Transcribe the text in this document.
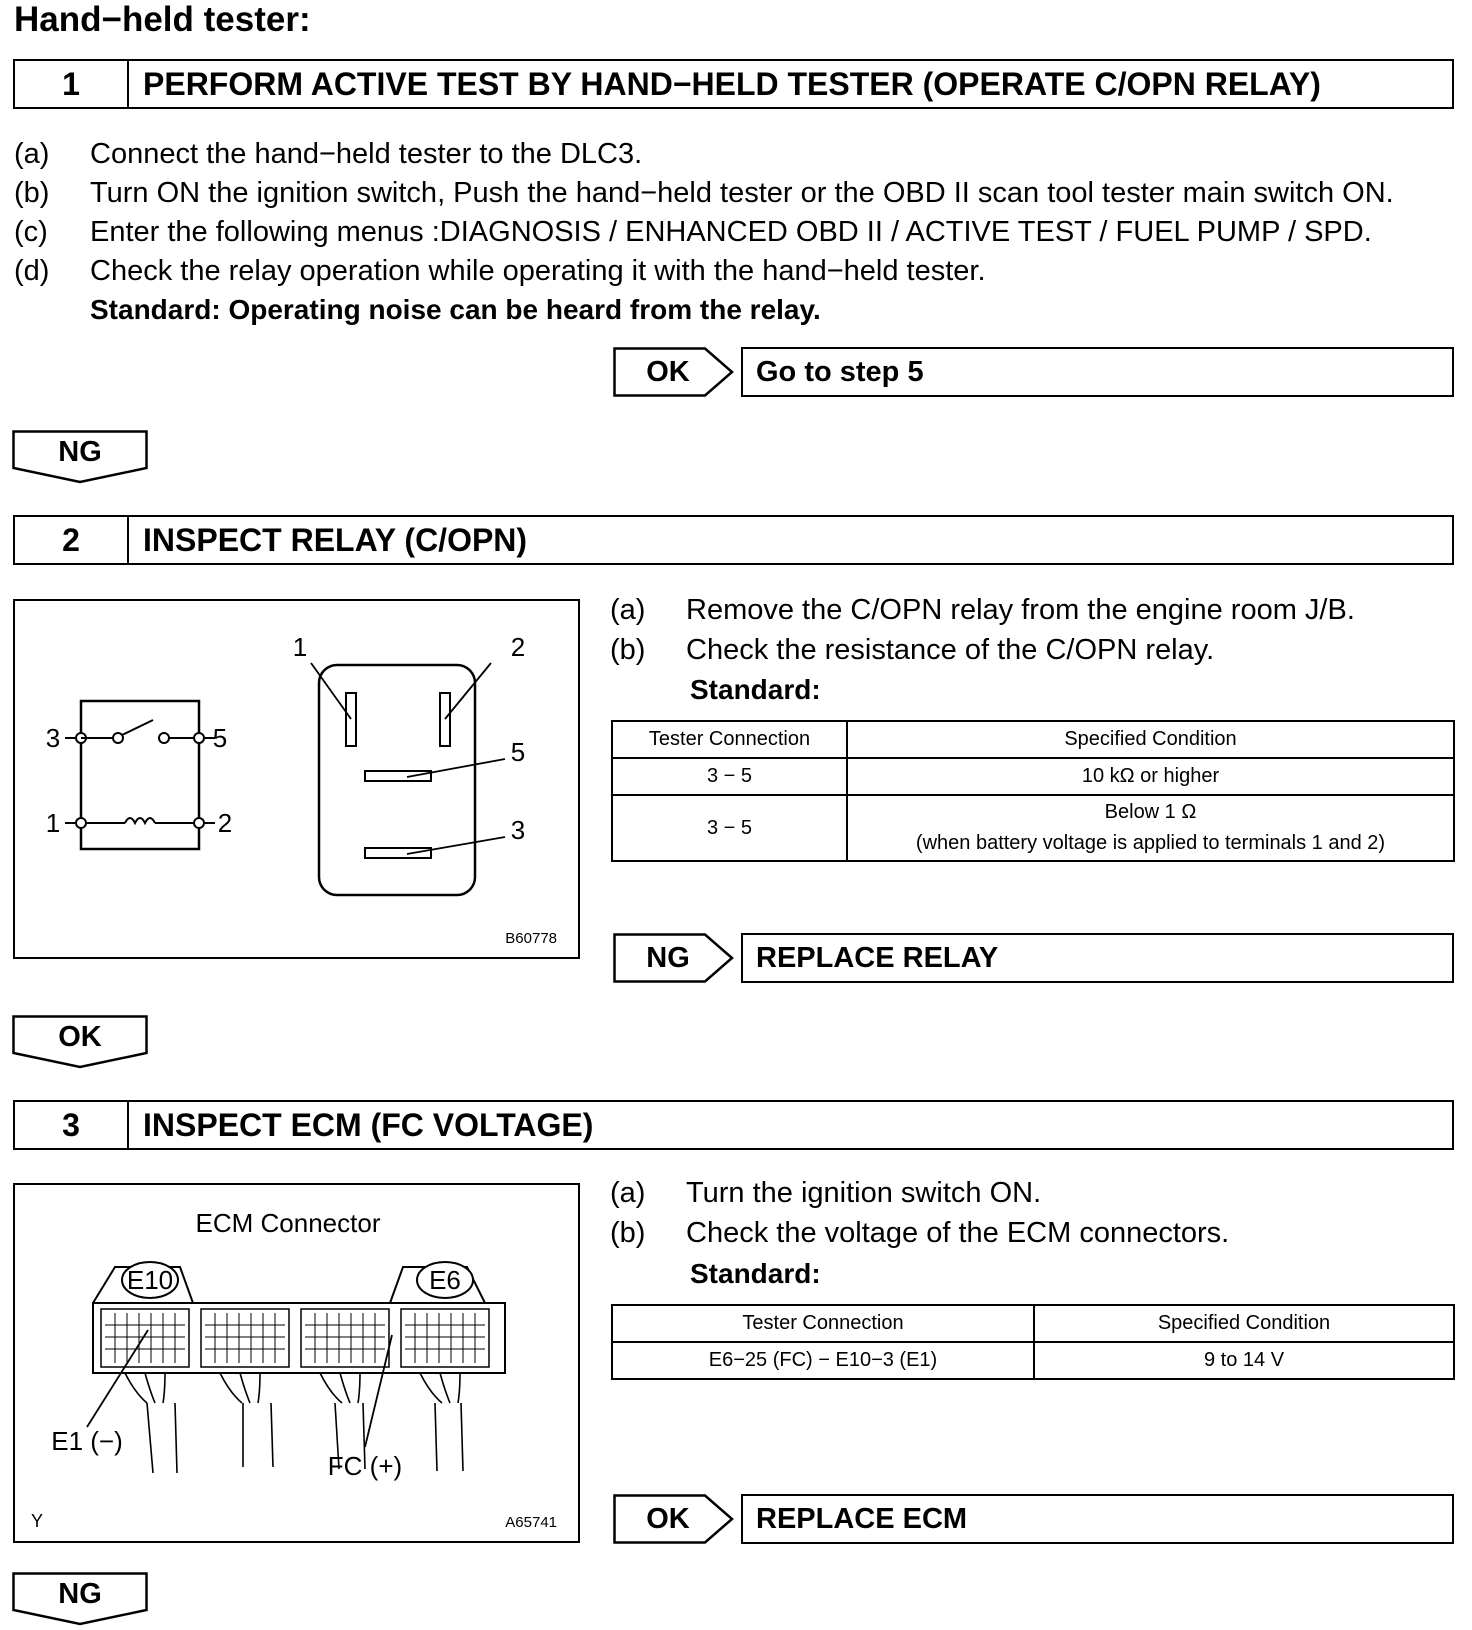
Hand−held tester:
1	PERFORM ACTIVE TEST BY HAND−HELD TESTER (OPERATE C/OPN RELAY)
(a) Connect the hand−held tester to the DLC3.
(b) Turn ON the ignition switch, Push the hand−held tester or the OBD II scan tool tester main switch ON.
(c) Enter the following menus :DIAGNOSIS / ENHANCED OBD II / ACTIVE TEST / FUEL PUMP / SPD.
(d) Check the relay operation while operating it with the hand−held tester.
Standard: Operating noise can be heard from the relay.
OK	Go to step 5
NG
2	INSPECT RELAY (C/OPN)
3	5
1	2
1	2
5
3
B60778
(a) Remove the C/OPN relay from the engine room J/B.
(b) Check the resistance of the C/OPN relay.
Standard:
Tester Connection	Specified Condition
3 − 5	10 kΩ or higher
3 − 5	Below 1 Ω
(when battery voltage is applied to terminals 1 and 2)
NG	REPLACE RELAY
OK
3	INSPECT ECM (FC VOLTAGE)
ECM Connector
E10	E6
E1 (−)
FC (+)
Y	A65741
(a) Turn the ignition switch ON.
(b) Check the voltage of the ECM connectors.
Standard:
Tester Connection	Specified Condition
E6−25 (FC) − E10−3 (E1)	9 to 14 V
OK	REPLACE ECM
NG
